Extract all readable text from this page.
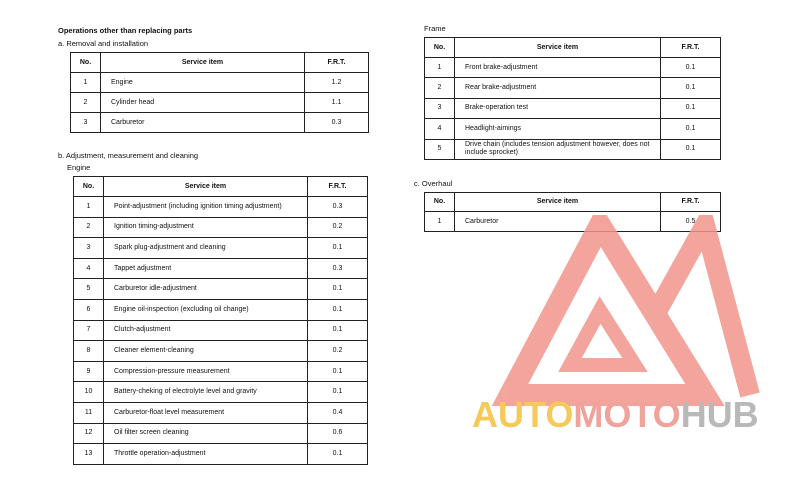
Operations other than replacing parts
a. Removal and installation
b. Adjustment, measurement and cleaning
Engine
Frame
c. Overhaul
No.	Service item	F.R.T.
1	Engine	1.2
2	Cylinder head	1.1
3	Carburetor	0.3
No.	Service item	F.R.T.
1	Point-adjustment (including ignition timing adjustment)	0.3
2	Ignition timing-adjustment	0.2
3	Spark plug-adjustment and cleaning	0.1
4	Tappet adjustment	0.3
5	Carburetor idle-adjustment	0.1
6	Engine oil-inspection (excluding oil change)	0.1
7	Clutch-adjustment	0.1
8	Cleaner element-cleaning	0.2
9	Compression-pressure measurement	0.1
10	Battery-cheking of electrolyte level and gravity	0.1
11	Carburetor-float level measurement	0.4
12	Oil filter screen cleaning	0.6
13	Throttle operation-adjustment	0.1
No.	Service item	F.R.T.
1	Front brake-adjustment	0.1
2	Rear brake-adjustment	0.1
3	Brake-operation test	0.1
4	Headlight-aimings	0.1
5	Drive chain (includes tension adjustment however, does not include sprocket)	0.1
No.	Service item	F.R.T.
1	Carburetor	0.5
AUTOMOTOHUB
